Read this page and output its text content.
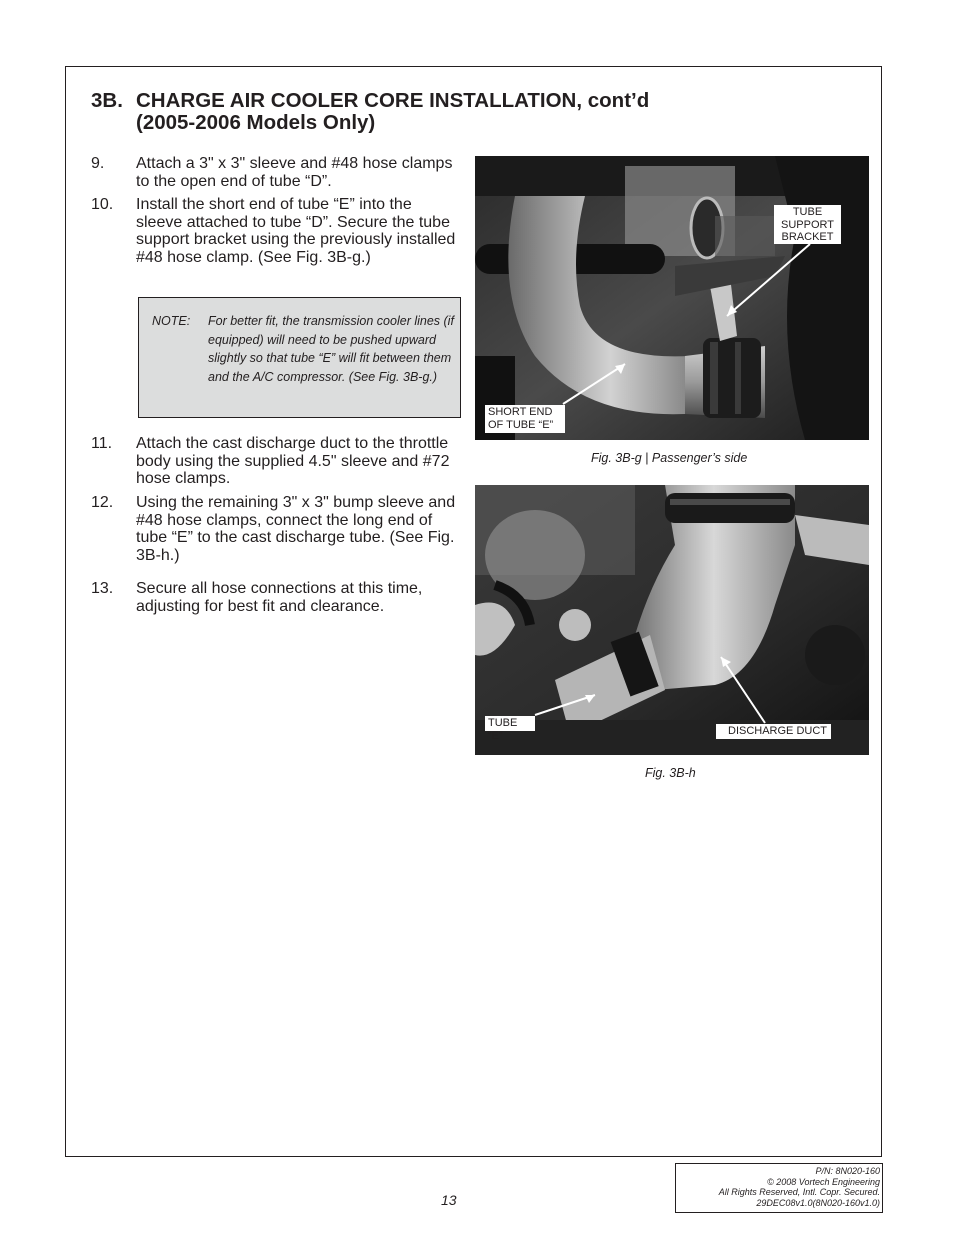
3B. CHARGE AIR COOLER CORE INSTALLATION, cont’d
(2005-2006 Models Only)
9. Attach a 3" x 3" sleeve and #48 hose clamps to the open end of tube “D”.
10. Install the short end of tube “E” into the sleeve attached to tube “D”. Secure the tube support bracket using the previously installed #48 hose clamp. (See Fig. 3B-g.)
NOTE: For better fit, the transmission cooler lines (if equipped) will need to be pushed upward slightly so that tube “E” will fit between them and the A/C compressor. (See Fig. 3B-g.)
11. Attach the cast discharge duct to the throttle body using the supplied 4.5" sleeve and #72 hose clamps.
12. Using the remaining 3" x 3" bump sleeve and #48 hose clamps, connect the long end of tube “E” to the cast discharge tube. (See Fig. 3B-h.)
13. Secure all hose connections at this time, adjusting for best fit and clearance.
TUBE
SUPPORT
BRACKET
SHORT END
OF TUBE “E”
Fig. 3B-g | Passenger’s side
TUBE “E”	DISCHARGE DUCT
Fig. 3B-h
13
P/N: 8N020-160
© 2008 Vortech Engineering
All Rights Reserved, Intl. Copr. Secured.
29DEC08v1.0(8N020-160v1.0)
